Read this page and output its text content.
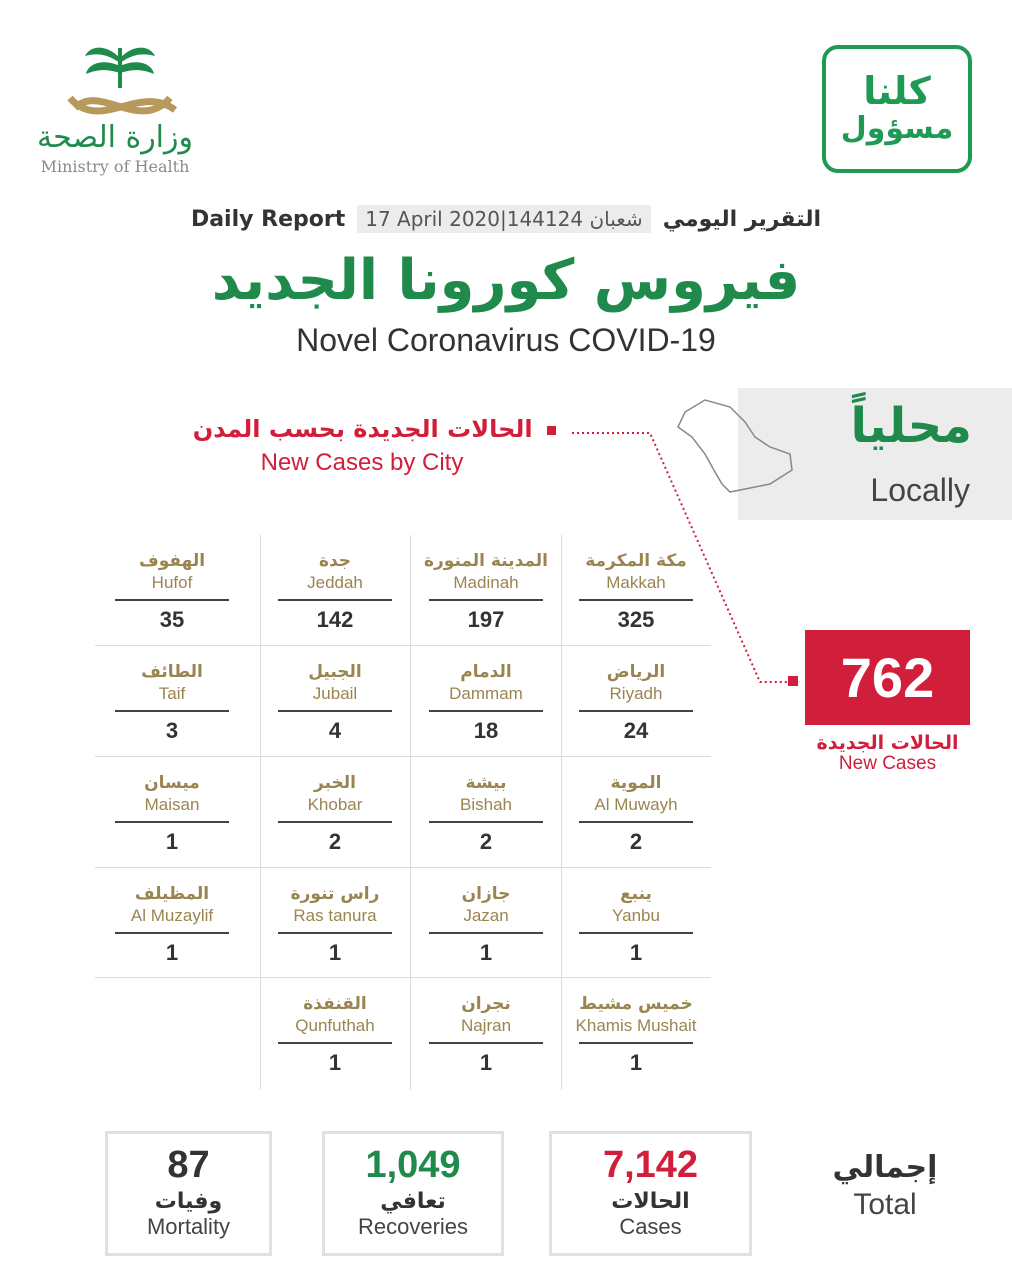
وزارة الصحة
Ministry of Health
كلنا
مسؤول
Daily Report	17 April 2020|1441شعبان 24 التقرير اليومي
فيروس كورونا الجديد
Novel Coronavirus COVID-19
محلياً
Locally
الحالات الجديدة بحسب المدن
New Cases by City
762
الحالات الجديدة
New Cases
مكة المكرمة
Makkah
325
المدينة المنورة
Madinah
197
جدة
Jeddah
142
الهفوف
Hufof
35
الرياض
Riyadh
24
الدمام
Dammam
18
الجبيل
Jubail
4
الطائف
Taif
3
الموية
Al Muwayh
2
بيشة
Bishah
2
الخبر
Khobar
2
ميسان
Maisan
1
ينبع
Yanbu
1
جازان
Jazan
1
راس تنورة
Ras tanura
1
المظيلف
Al Muzaylif
1
خميس مشيط
Khamis Mushait
1
نجران
Najran
1
القنفذة
Qunfuthah
1
87
وفيات
Mortality
1,049
تعافي
Recoveries
7,142
الحالات
Cases
إجمالي
Total
